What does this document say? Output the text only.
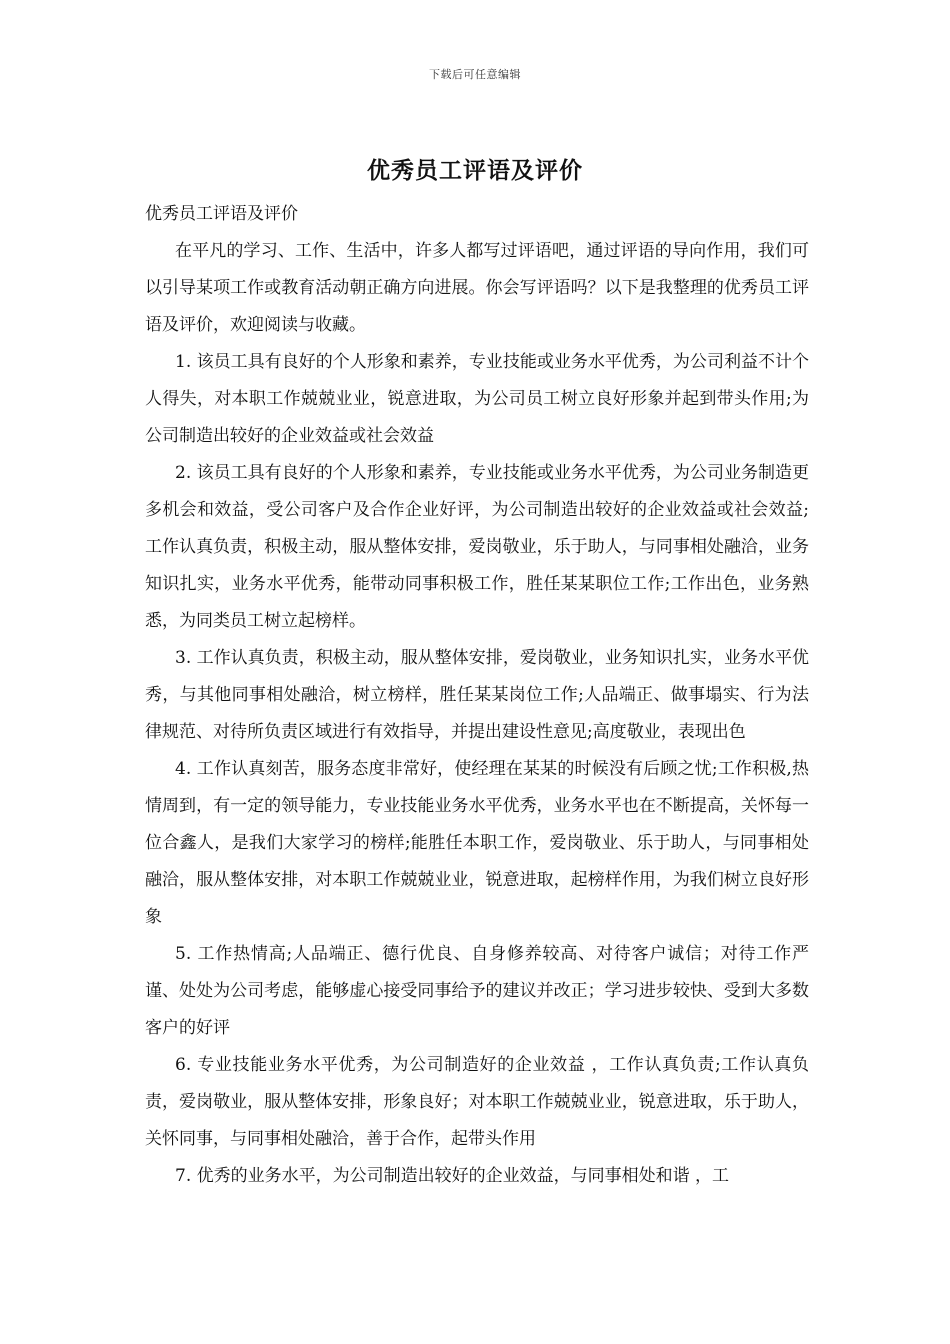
下载后可任意编辑
优秀员工评语及评价

优秀员工评语及评价

在平凡的学习、工作、生活中，许多人都写过评语吧，通过评语的导向作用，我们可以引导某项工作或教育活动朝正确方向进展。你会写评语吗？以下是我整理的优秀员工评语及评价，欢迎阅读与收藏。

1. 该员工具有良好的个人形象和素养，专业技能或业务水平优秀，为公司利益不计个人得失，对本职工作兢兢业业，锐意进取，为公司员工树立良好形象并起到带头作用;为公司制造出较好的企业效益或社会效益

2. 该员工具有良好的个人形象和素养，专业技能或业务水平优秀，为公司业务制造更多机会和效益，受公司客户及合作企业好评，为公司制造出较好的企业效益或社会效益;工作认真负责，积极主动，服从整体安排，爱岗敬业，乐于助人，与同事相处融洽，业务知识扎实，业务水平优秀，能带动同事积极工作，胜任某某职位工作;工作出色，业务熟悉，为同类员工树立起榜样。

3. 工作认真负责，积极主动，服从整体安排，爱岗敬业，业务知识扎实，业务水平优秀，与其他同事相处融洽，树立榜样，胜任某某岗位工作;人品端正、做事塌实、行为法律规范、对待所负责区域进行有效指导，并提出建设性意见;高度敬业，表现出色

4. 工作认真刻苦，服务态度非常好，使经理在某某的时候没有后顾之忧;工作积极,热情周到，有一定的领导能力，专业技能业务水平优秀，业务水平也在不断提高，关怀每一位合鑫人，是我们大家学习的榜样;能胜任本职工作，爱岗敬业、乐于助人，与同事相处融洽，服从整体安排，对本职工作兢兢业业，锐意进取，起榜样作用，为我们树立良好形象

5. 工作热情高;人品端正、德行优良、自身修养较高、对待客户诚信；对待工作严谨、处处为公司考虑，能够虚心接受同事给予的建议并改正；学习进步较快、受到大多数客户的好评

6. 专业技能业务水平优秀，为公司制造好的企业效益 ，工作认真负责;工作认真负责，爱岗敬业，服从整体安排，形象良好；对本职工作兢兢业业，锐意进取，乐于助人，关怀同事，与同事相处融洽，善于合作，起带头作用

7. 优秀的业务水平，为公司制造出较好的企业效益，与同事相处和谐 ，工
